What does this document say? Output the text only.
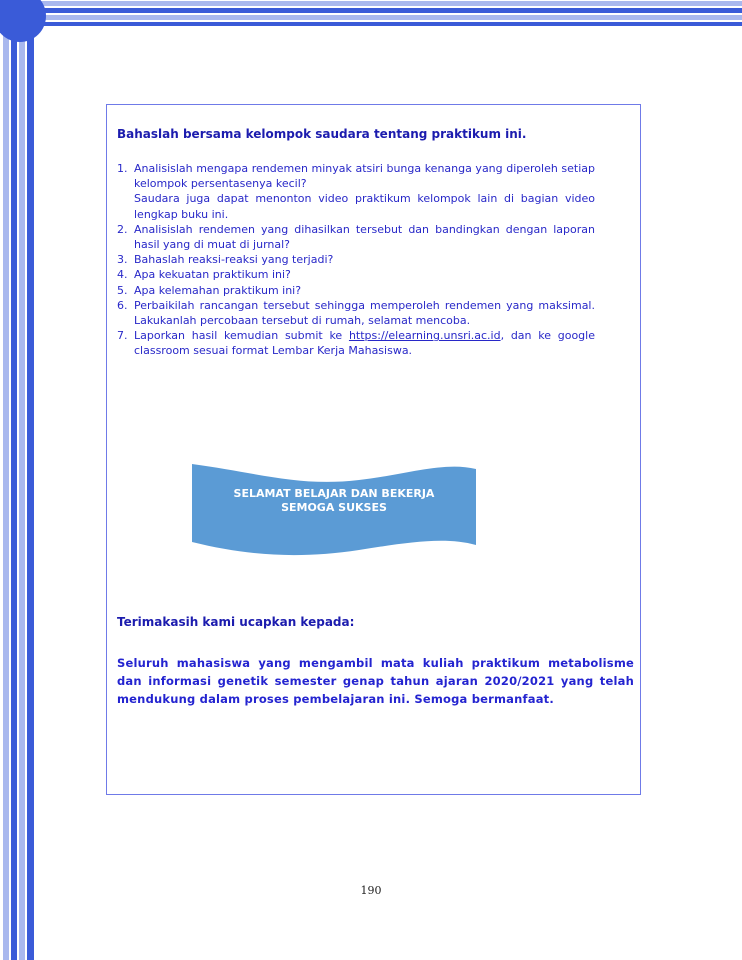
Bahaslah bersama kelompok saudara tentang praktikum ini.

1. Analisislah mengapa rendemen minyak atsiri bunga kenanga yang diperoleh setiap kelompok persentasenya kecil?
Saudara juga dapat menonton video praktikum kelompok lain di bagian video lengkap buku ini.
2. Analisislah rendemen yang dihasilkan tersebut dan bandingkan dengan laporan hasil yang di muat di jurnal?
3. Bahaslah reaksi-reaksi yang terjadi?
4. Apa kekuatan praktikum ini?
5. Apa kelemahan praktikum ini?
6. Perbaikilah rancangan tersebut sehingga memperoleh rendemen yang maksimal. Lakukanlah percobaan tersebut di rumah, selamat mencoba.
7. Laporkan hasil kemudian submit ke https://elearning.unsri.ac.id, dan ke google classroom sesuai format Lembar Kerja Mahasiswa.
SELAMAT BELAJAR DAN BEKERJA
SEMOGA SUKSES

Terimakasih kami ucapkan kepada:

Seluruh mahasiswa yang mengambil mata kuliah praktikum metabolisme dan informasi genetik semester genap tahun ajaran 2020/2021 yang telah mendukung dalam proses pembelajaran ini. Semoga bermanfaat.

190
